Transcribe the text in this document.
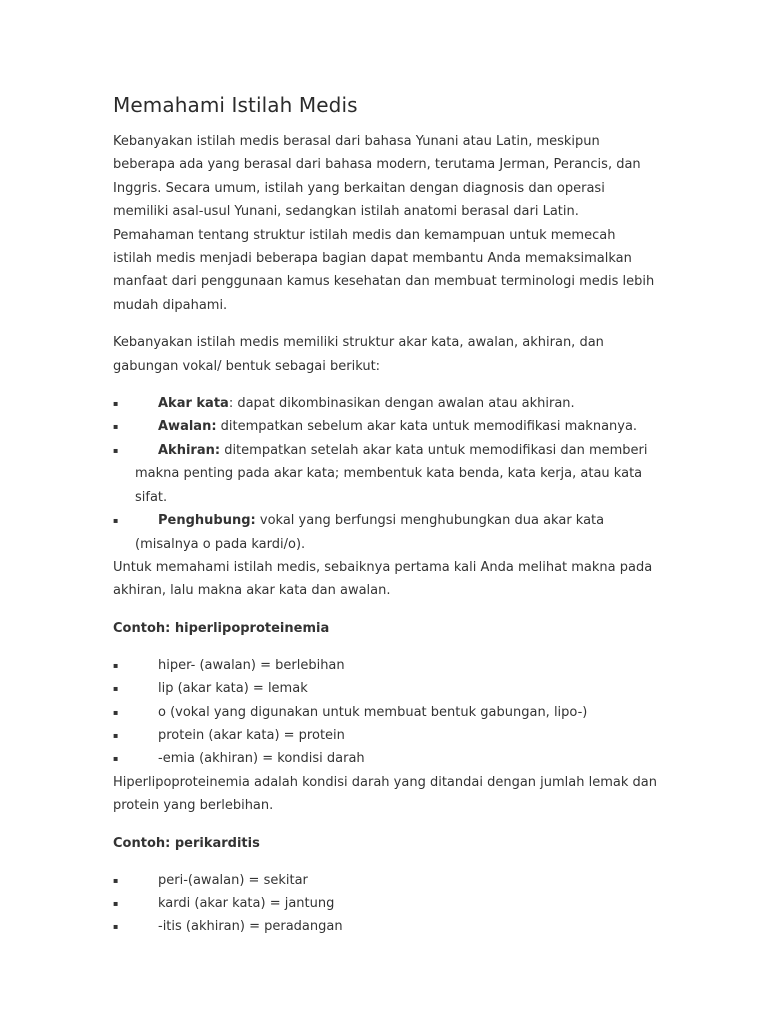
Memahami Istilah Medis

Kebanyakan istilah medis berasal dari bahasa Yunani atau Latin, meskipun beberapa ada yang berasal dari bahasa modern, terutama Jerman, Perancis, dan Inggris. Secara umum, istilah yang berkaitan dengan diagnosis dan operasi memiliki asal-usul Yunani, sedangkan istilah anatomi berasal dari Latin. Pemahaman tentang struktur istilah medis dan kemampuan untuk memecah istilah medis menjadi beberapa bagian dapat membantu Anda memaksimalkan manfaat dari penggunaan kamus kesehatan dan membuat terminologi medis lebih mudah dipahami.

Kebanyakan istilah medis memiliki struktur akar kata, awalan, akhiran, dan gabungan vokal/ bentuk sebagai berikut:

▪	Akar kata: dapat dikombinasikan dengan awalan atau akhiran.
▪	Awalan: ditempatkan sebelum akar kata untuk memodifikasi maknanya.
▪	Akhiran: ditempatkan setelah akar kata untuk memodifikasi dan memberi makna penting pada akar kata; membentuk kata benda, kata kerja, atau kata sifat.
▪	Penghubung: vokal yang berfungsi menghubungkan dua akar kata (misalnya o pada kardi/o).

Untuk memahami istilah medis, sebaiknya pertama kali Anda melihat makna pada akhiran, lalu makna akar kata dan awalan.

Contoh: hiperlipoproteinemia

▪	hiper- (awalan) = berlebihan
▪	lip (akar kata) = lemak
▪	o (vokal yang digunakan untuk membuat bentuk gabungan, lipo-)
▪	protein (akar kata) = protein
▪	-emia (akhiran) = kondisi darah

Hiperlipoproteinemia adalah kondisi darah yang ditandai dengan jumlah lemak dan protein yang berlebihan.

Contoh: perikarditis

▪	peri-(awalan) = sekitar
▪	kardi (akar kata) = jantung
▪	-itis (akhiran) = peradangan
